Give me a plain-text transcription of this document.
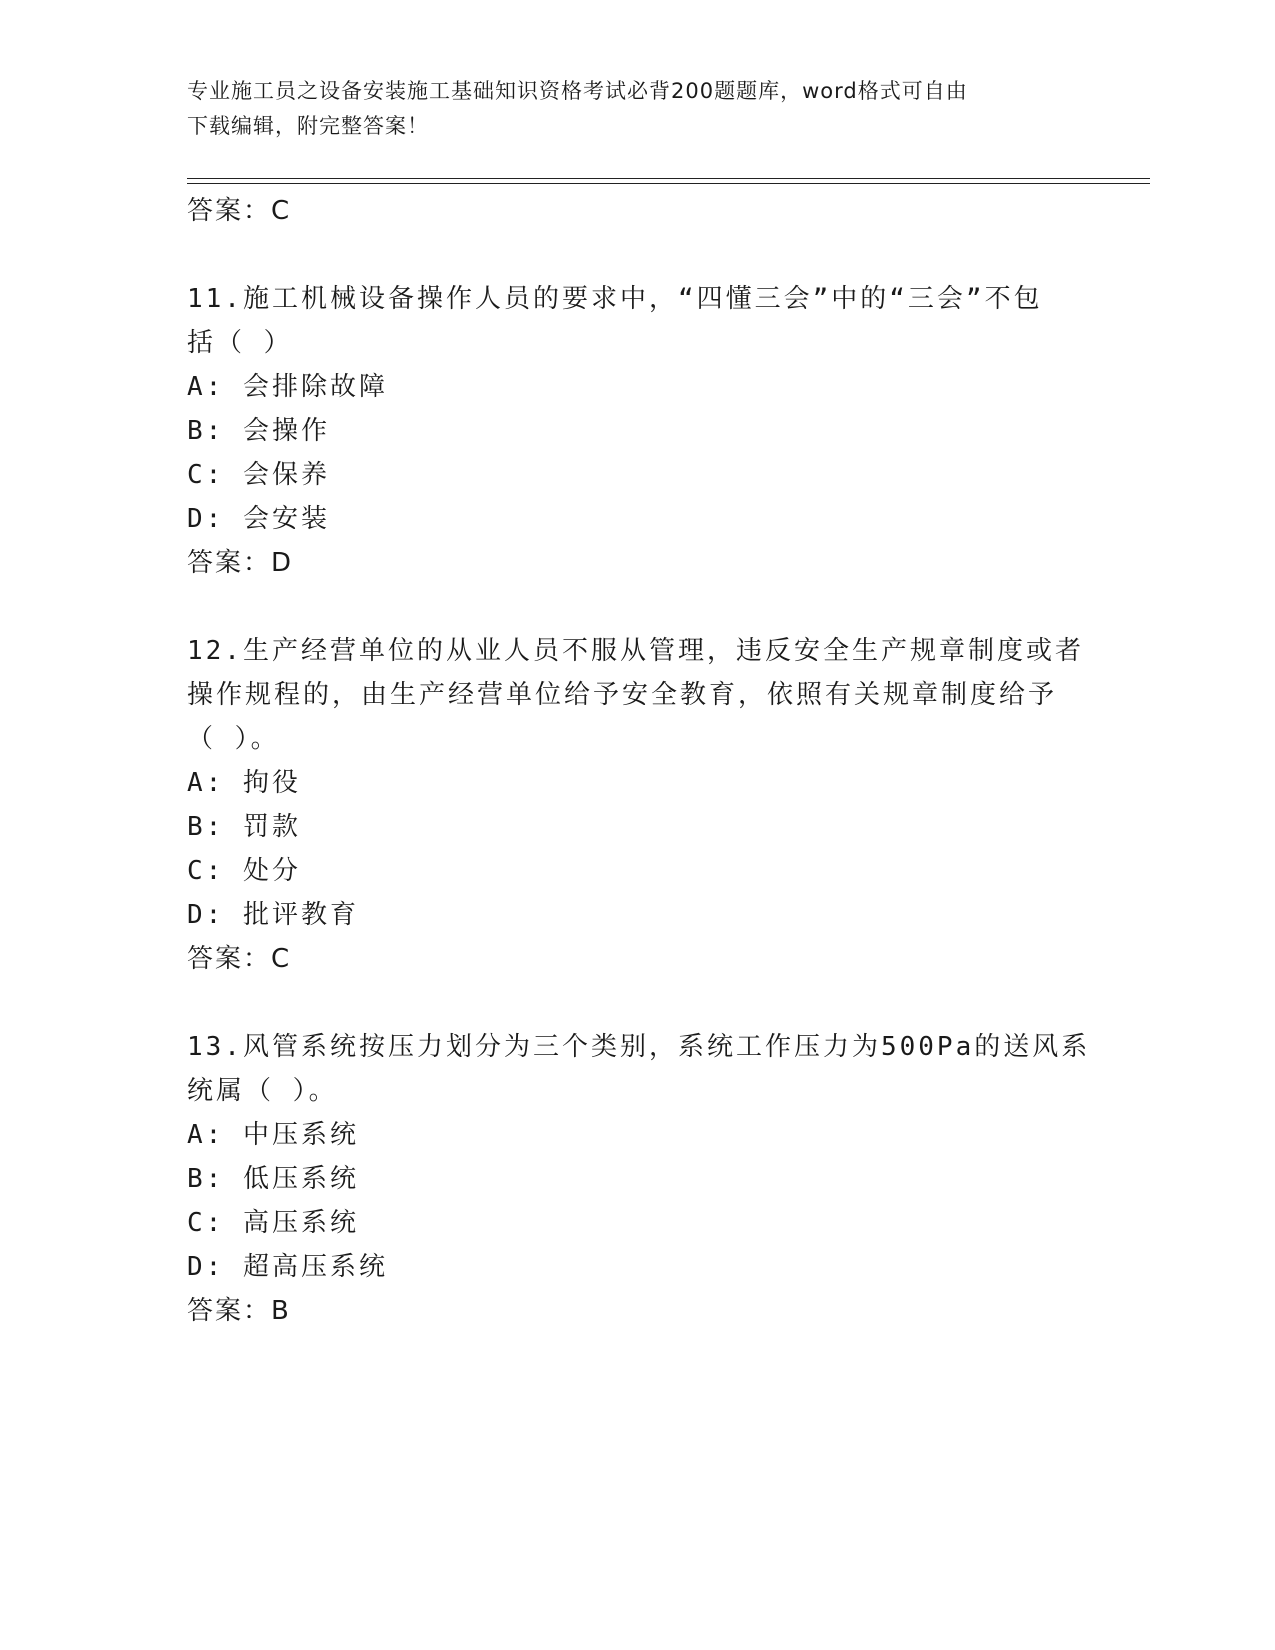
专业施工员之设备安装施工基础知识资格考试必背200题题库，word格式可自由
下载编辑，附完整答案！
答案：C
11.施工机械设备操作人员的要求中，“四懂三会”中的“三会”不包
括（ ）
A: 会排除故障
B: 会操作
C: 会保养
D: 会安装
答案：D
12.生产经营单位的从业人员不服从管理，违反安全生产规章制度或者
操作规程的，由生产经营单位给予安全教育，依照有关规章制度给予
（ ）。
A: 拘役
B: 罚款
C: 处分
D: 批评教育
答案：C
13.风管系统按压力划分为三个类别，系统工作压力为500Pa的送风系
统属（ ）。
A: 中压系统
B: 低压系统
C: 高压系统
D: 超高压系统
答案：B
